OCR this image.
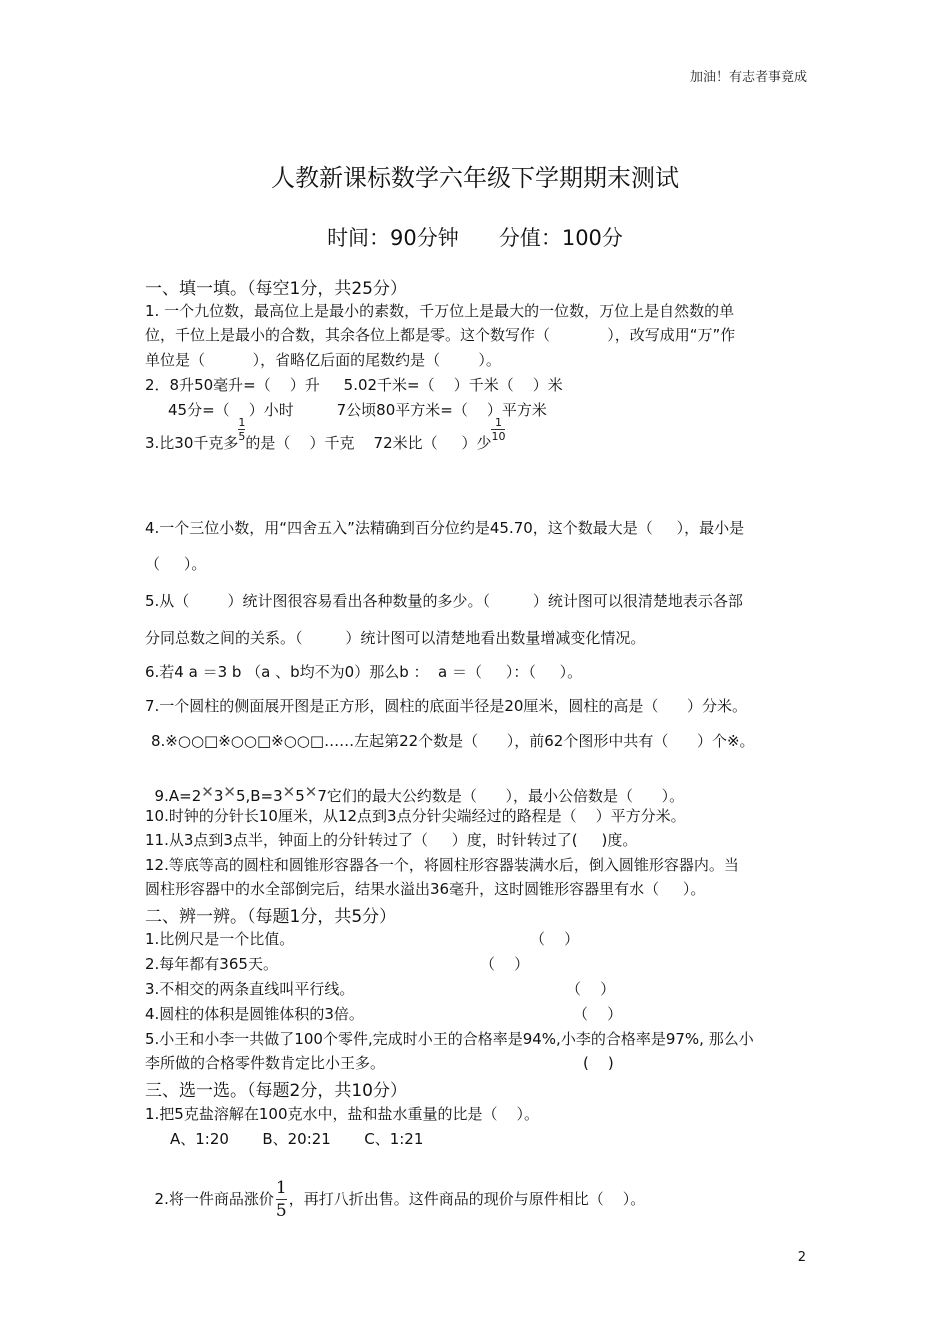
加油！有志者事竟成
人教新课标数学六年级下学期期末测试
时间：90分钟      分值：100分
一、填一填。（每空1分，共25分）
1. 一个九位数，最高位上是最小的素数，千万位上是最大的一位数，万位上是自然数的单
位，千位上是最小的合数，其余各位上都是零。这个数写作（            ），改写成用“万”作
单位是（          ），省略亿后面的尾数约是（        ）。
2．8升50毫升=（    ）升     5.02千米=（    ）千米（    ）米
45分=（    ）小时         7公顷80平方米=（    ）平方米
3.比30千克多$\frac{1}{5}$的是（    ）千克    72米比（     ）少$\frac{1}{10}$
4.一个三位小数，用“四舍五入”法精确到百分位约是45.70，这个数最大是（     ），最小是
（     ）。
5.从（        ）统计图很容易看出各种数量的多少。（         ）统计图可以很清楚地表示各部
分同总数之间的关系。（         ）统计图可以清楚地看出数量增减变化情况。
6.若4 a ＝3 b （a 、b均不为0）那么b ：  a ＝（     ）：（     ）。
7.一个圆柱的侧面展开图是正方形，圆柱的底面半径是20厘米，圆柱的高是（      ）分米。
8.※○○□※○○□※○○□……左起第22个数是（      ），前62个图形中共有（      ）个※。

9.A=2✕3✕5,B=3✕5✕7它们的最大公约数是（      ），最小公倍数是（      ）。

10.时钟的分针长10厘米，从12点到3点分针尖端经过的路程是（    ）平方分米。
11.从3点到3点半，钟面上的分针转过了（     ）度，时针转过了(     )度。
12.等底等高的圆柱和圆锥形容器各一个，将圆柱形容器装满水后，倒入圆锥形容器内。当
圆柱形容器中的水全部倒完后，结果水溢出36毫升，这时圆锥形容器里有水（     ）。
二、辨一辨。（每题1分，共5分）
1.比例尺是一个比值。	（    ）
2.每年都有365天。	（    ）
3.不相交的两条直线叫平行线。	（    ）
4.圆柱的体积是圆锥体积的3倍。	（    ）
5.小王和小李一共做了100个零件,完成时小王的合格率是94%,小李的合格率是97%, 那么小
李所做的合格零件数肯定比小王多。	(    )
三、选一选。（每题2分，共10分）
1.把5克盐溶解在100克水中，盐和盐水重量的比是（    ）。
A、1:20       B、20:21       C、1:21

2.将一件商品涨价 $\frac{1}{5}$ ，再打八折出售。这件商品的现价与原件相比（    ）。

2
